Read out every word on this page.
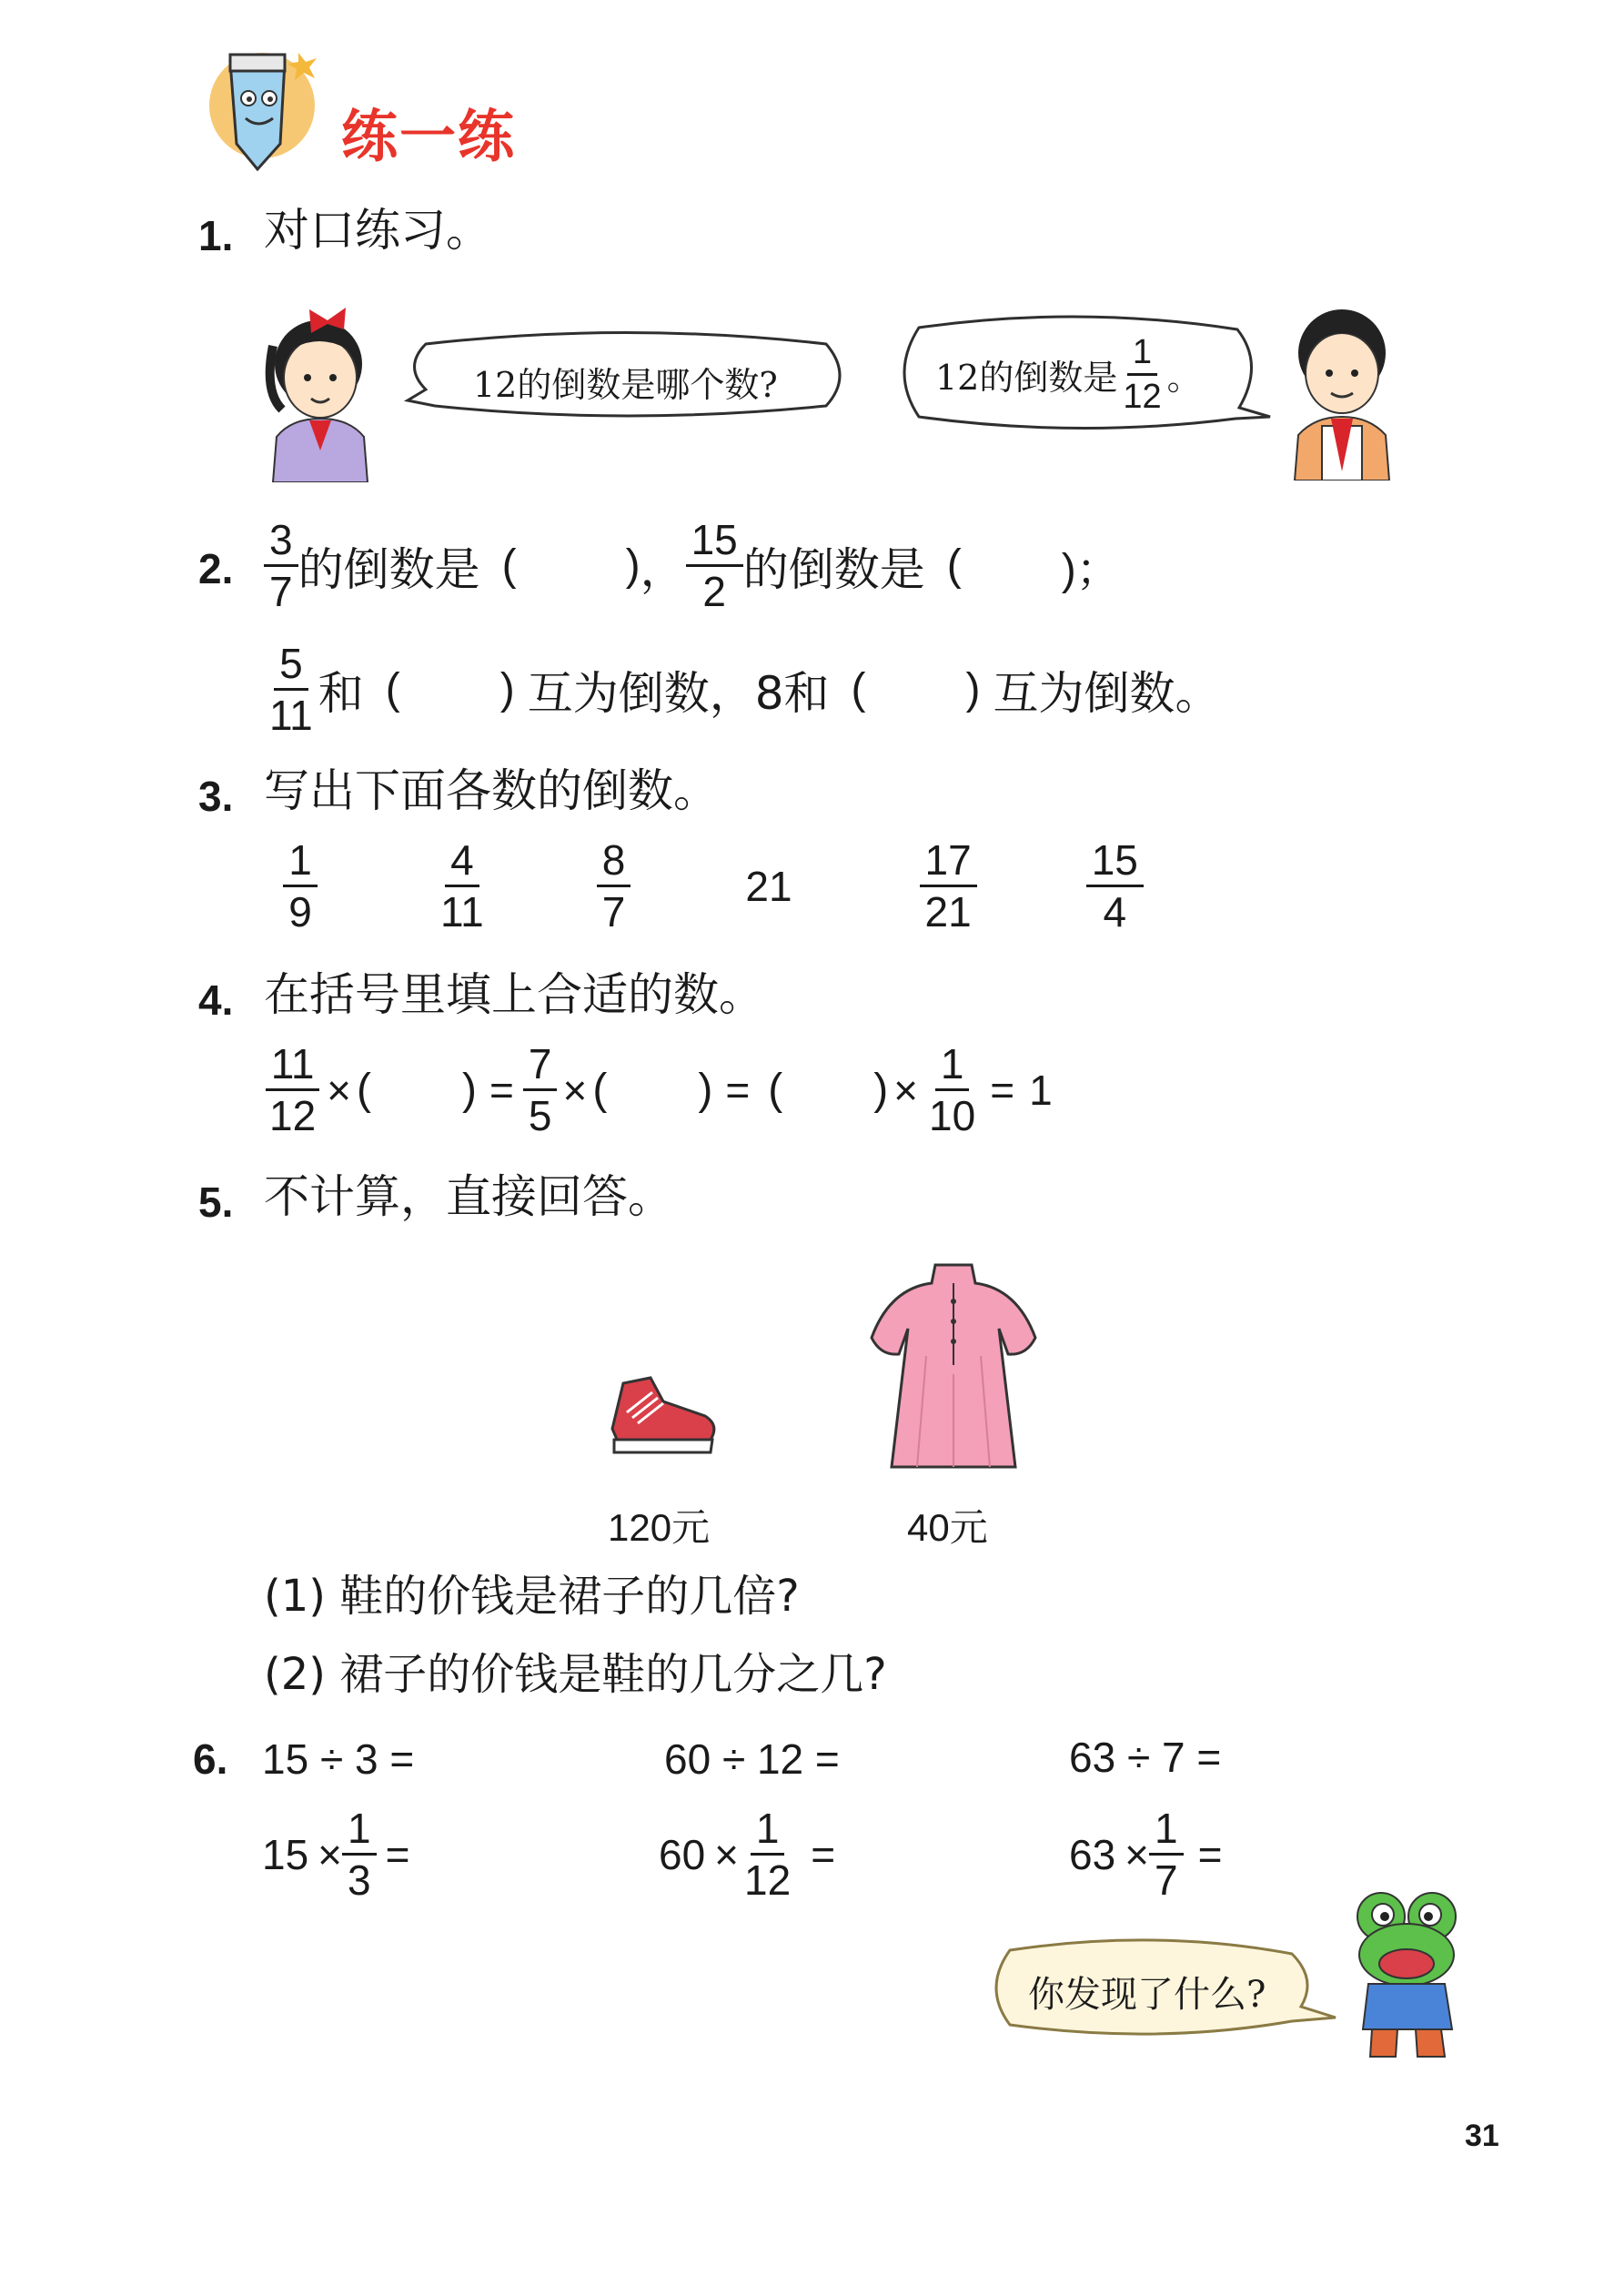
练一练
1. 对口练习。
12的倒数是哪个数?	12的倒数是 $\frac{1}{12}$ 。
2. $\frac{3}{7}$ 的倒数是 (	) ， $\frac{15}{2}$ 的倒数是 ( )；
$\frac{5}{11}$ 和 ( ) 互为倒数，8和 ( ) 互为倒数。
3. 写出下面各数的倒数。
$\frac{1}{9}$	$\frac{4}{11}$	$\frac{8}{7}$	21	$\frac{17}{21}$	$\frac{15}{4}$
4. 在括号里填上合适的数。
$\frac{11}{12}$ × ( ) = $\frac{7}{5}$ × ( ) = ( ) × $\frac{1}{10} = 1$
5. 不计算，直接回答。
120元	40元
(1) 鞋的价钱是裙子的几倍?
(2) 裙子的价钱是鞋的几分之几?
6. 15 ÷ 3 =	60 ÷ 12 =	63 ÷ 7 =
$15 \times \frac{1}{3}$ =	$60 \times \frac{1}{12}$ =	$63 \times \frac{1}{7}$ =
你发现了什么?
31
